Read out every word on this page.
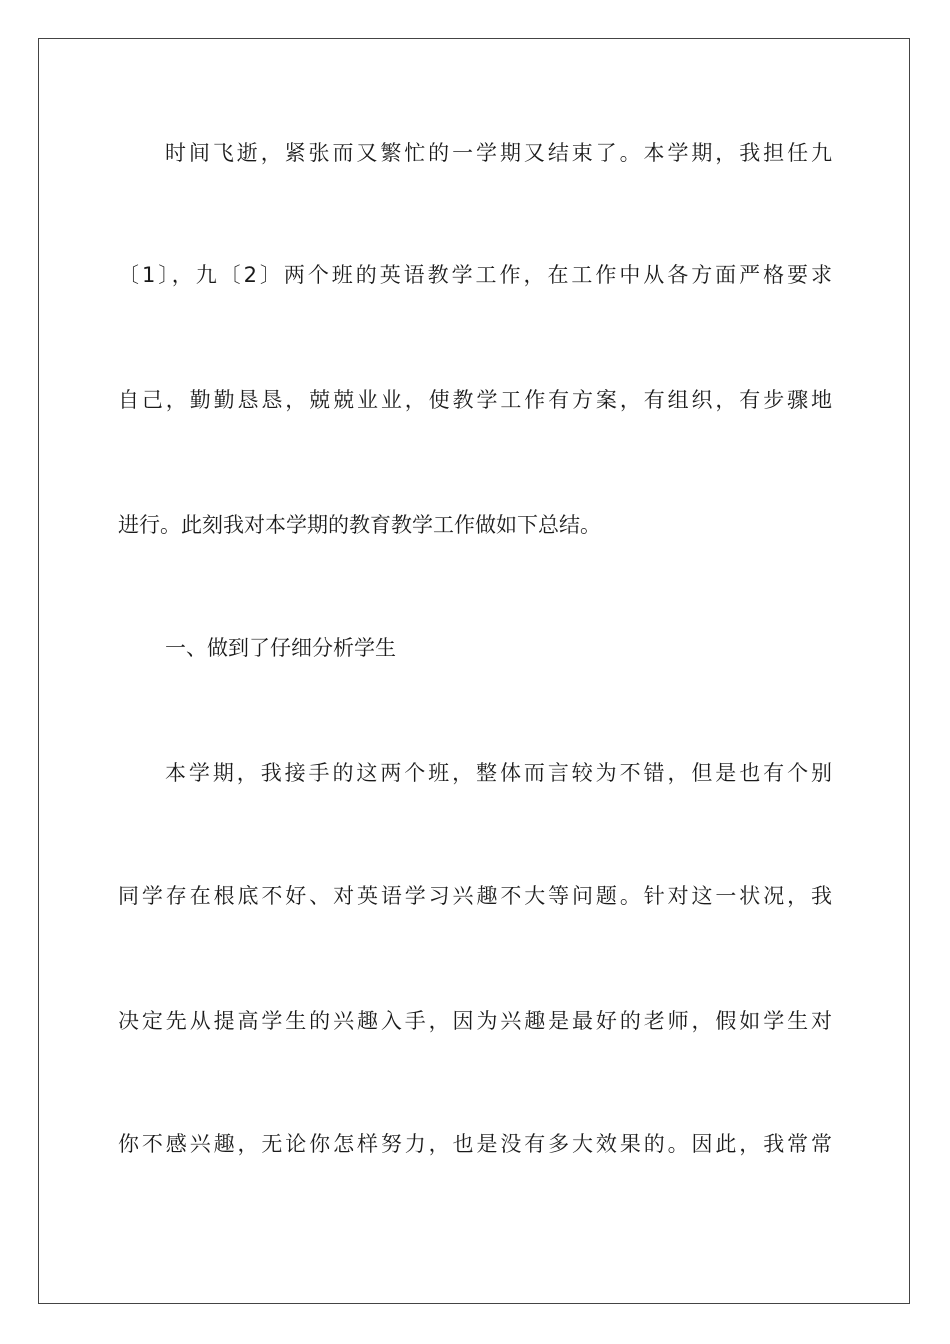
时间飞逝，紧张而又繁忙的一学期又结束了。本学期，我担任九
〔1〕，九〔2〕两个班的英语教学工作，在工作中从各方面严格要求
自己，勤勤恳恳，兢兢业业，使教学工作有方案，有组织，有步骤地
进行。此刻我对本学期的教育教学工作做如下总结。
一、做到了仔细分析学生
本学期，我接手的这两个班，整体而言较为不错，但是也有个别
同学存在根底不好、对英语学习兴趣不大等问题。针对这一状况，我
决定先从提高学生的兴趣入手，因为兴趣是最好的老师，假如学生对
你不感兴趣，无论你怎样努力，也是没有多大效果的。因此，我常常
